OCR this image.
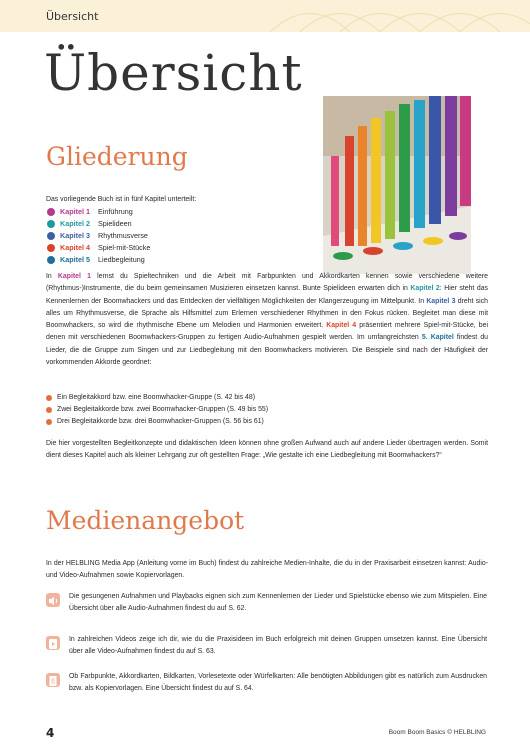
Übersicht
Übersicht
Gliederung
Das vorliegende Buch ist in fünf Kapitel unterteilt:
Kapitel 1	Einführung
Kapitel 2	Spielideen
Kapitel 3	Rhythmusverse
Kapitel 4	Spiel-mit-Stücke
Kapitel 5	Liedbegleitung
In Kapitel 1 lernst du Spieltechniken und die Arbeit mit Farbpunkten und Akkordkarten kennen sowie verschiedene weitere (Rhythmus-)Instrumente, die du beim gemeinsamen Musizieren einsetzen kannst. Bunte Spielideen erwarten dich in Kapitel 2: Hier steht das Kennenlernen der Boomwhackers und das Entdecken der vielfältigen Möglichkeiten der Klangerzeugung im Mittelpunkt. In Kapitel 3 dreht sich alles um Rhythmusverse, die Sprache als Hilfsmittel zum Erlernen verschiedener Rhythmen in den Fokus rücken. Begleitet man diese mit Boomwhackers, so wird die rhythmische Ebene um Melodien und Harmonien erweitert. Kapitel 4 präsentiert mehrere Spiel-mit-Stücke, bei denen mit verschiedenen Boomwhackers-Gruppen zu fertigen Audio-Aufnahmen gespielt werden. Im umfangreichsten 5. Kapitel findest du Lieder, die die Gruppe zum Singen und zur Liedbegleitung mit den Boomwhackers motivieren. Die Beispiele sind nach der Häufigkeit der vorkommenden Akkorde geordnet:
Ein Begleitakkord bzw. eine Boomwhacker-Gruppe (S. 42 bis 48)
Zwei Begleitakkorde bzw. zwei Boomwhacker-Gruppen (S. 49 bis 55)
Drei Begleitakkorde bzw. drei Boomwhacker-Gruppen (S. 56 bis 61)
Die hier vorgestellten Begleitkonzepte und didaktischen Ideen können ohne großen Aufwand auch auf andere Lieder übertragen werden. Somit dient dieses Kapitel auch als kleiner Lehrgang zur oft gestellten Frage: „Wie gestalte ich eine Liedbegleitung mit Boomwhackers?“
Medienangebot
In der HELBLING Media App (Anleitung vorne im Buch) findest du zahlreiche Medien-Inhalte, die du in der Praxisarbeit einsetzen kannst: Audio- und Video-Aufnahmen sowie Kopiervorlagen.
Die gesungenen Aufnahmen und Playbacks eignen sich zum Kennenlernen der Lieder und Spielstücke ebenso wie zum Mitspielen. Eine Übersicht über alle Audio-Aufnahmen findest du auf S. 62.
In zahlreichen Videos zeige ich dir, wie du die Praxisideen im Buch erfolgreich mit deinen Gruppen umsetzen kannst. Eine Übersicht über alle Video-Aufnahmen findest du auf S. 63.
Ob Farbpunkte, Akkordkarten, Bildkarten, Vorlesetexte oder Würfelkarten: Alle benötigten Abbildungen gibt es natürlich zum Ausdrucken bzw. als Kopiervorlagen. Eine Übersicht findest du auf S. 64.
4	Boom Boom Basics © HELBLING
